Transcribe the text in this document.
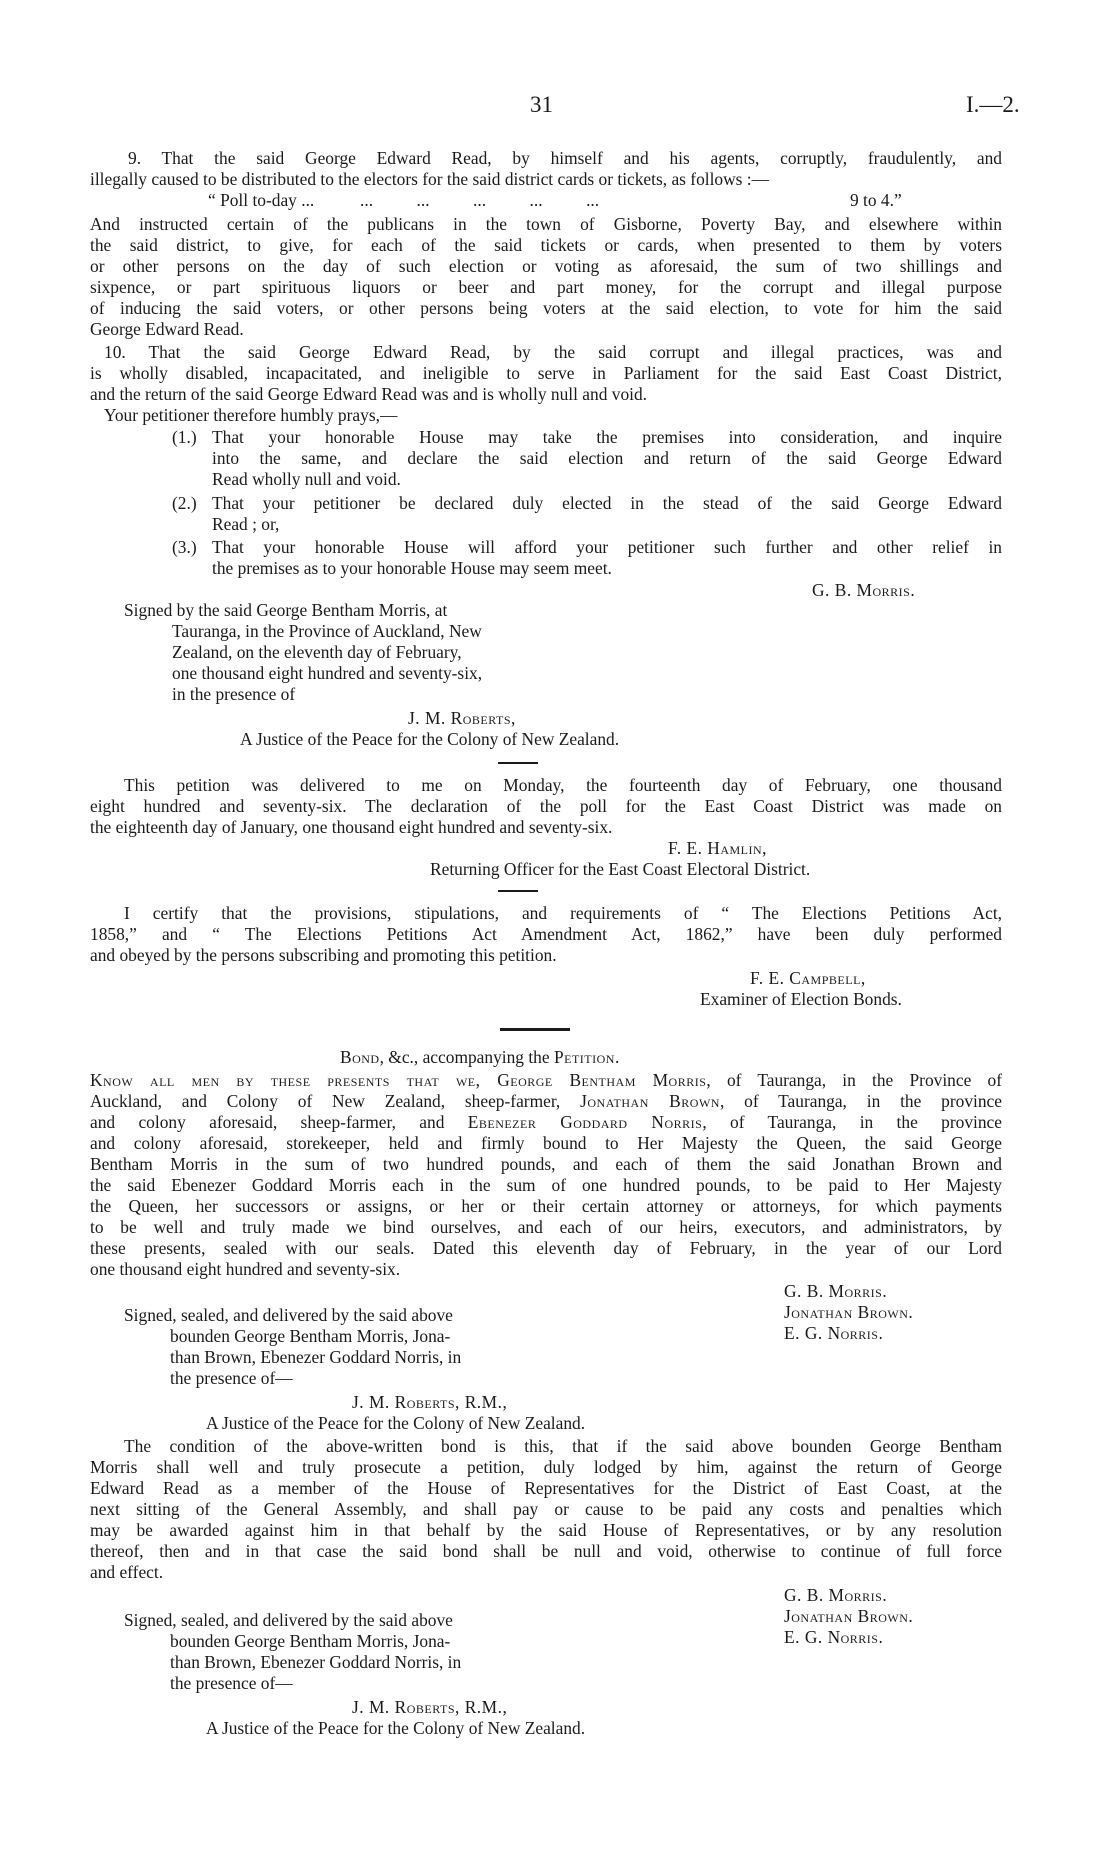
31	I.—2.
9. That the said George Edward Read, by himself and his agents, corruptly, fraudulently, and
illegally caused to be distributed to the electors for the said district cards or tickets, as follows :—
“ Poll to-day ...	...          ...          ...          ...          ...	9 to 4.”
And instructed certain of the publicans in the town of Gisborne, Poverty Bay, and elsewhere within
the said district, to give, for each of the said tickets or cards, when presented to them by voters
or other persons on the day of such election or voting as aforesaid, the sum of two shillings and
sixpence, or part spirituous liquors or beer and part money, for the corrupt and illegal purpose
of inducing the said voters, or other persons being voters at the said election, to vote for him the said
George Edward Read.
10. That the said George Edward Read, by the said corrupt and illegal practices, was and
is wholly disabled, incapacitated, and ineligible to serve in Parliament for the said East Coast District,
and the return of the said George Edward Read was and is wholly null and void.
Your petitioner therefore humbly prays,—
(1.) That your honorable House may take the premises into consideration, and inquire
into the same, and declare the said election and return of the said George Edward
Read wholly null and void.
(2.) That your petitioner be declared duly elected in the stead of the said George Edward
Read ; or,
(3.) That your honorable House will afford your petitioner such further and other relief in
the premises as to your honorable House may seem meet.
G. B. Morris.
Signed by the said George Bentham Morris, at
Tauranga, in the Province of Auckland, New
Zealand, on the eleventh day of February,
one thousand eight hundred and seventy-six,
in the presence of
J. M. Roberts,
A Justice of the Peace for the Colony of New Zealand.
This petition was delivered to me on Monday, the fourteenth day of February, one thousand
eight hundred and seventy-six. The declaration of the poll for the East Coast District was made on
the eighteenth day of January, one thousand eight hundred and seventy-six.
F. E. Hamlin,
Returning Officer for the East Coast Electoral District.
I certify that the provisions, stipulations, and requirements of “ The Elections Petitions Act,
1858,” and “ The Elections Petitions Act Amendment Act, 1862,” have been duly performed
and obeyed by the persons subscribing and promoting this petition.
F. E. Campbell,
Examiner of Election Bonds.
Bond, &c., accompanying the Petition.
Know all men by these presents that we, George Bentham Morris, of Tauranga, in the Province of
Auckland, and Colony of New Zealand, sheep-farmer, Jonathan Brown, of Tauranga, in the province
and colony aforesaid, sheep-farmer, and Ebenezer Goddard Norris, of Tauranga, in the province
and colony aforesaid, storekeeper, held and firmly bound to Her Majesty the Queen, the said George
Bentham Morris in the sum of two hundred pounds, and each of them the said Jonathan Brown and
the said Ebenezer Goddard Morris each in the sum of one hundred pounds, to be paid to Her Majesty
the Queen, her successors or assigns, or her or their certain attorney or attorneys, for which payments
to be well and truly made we bind ourselves, and each of our heirs, executors, and administrators, by
these presents, sealed with our seals. Dated this eleventh day of February, in the year of our Lord
one thousand eight hundred and seventy-six.
G. B. Morris.
Jonathan Brown.
E. G. Norris.
Signed, sealed, and delivered by the said above
bounden George Bentham Morris, Jona-
than Brown, Ebenezer Goddard Norris, in
the presence of—
J. M. Roberts, R.M.,
A Justice of the Peace for the Colony of New Zealand.
The condition of the above-written bond is this, that if the said above bounden George Bentham
Morris shall well and truly prosecute a petition, duly lodged by him, against the return of George
Edward Read as a member of the House of Representatives for the District of East Coast, at the
next sitting of the General Assembly, and shall pay or cause to be paid any costs and penalties which
may be awarded against him in that behalf by the said House of Representatives, or by any resolution
thereof, then and in that case the said bond shall be null and void, otherwise to continue of full force
and effect.
G. B. Morris.
Jonathan Brown.
E. G. Norris.
Signed, sealed, and delivered by the said above
bounden George Bentham Morris, Jona-
than Brown, Ebenezer Goddard Norris, in
the presence of—
J. M. Roberts, R.M.,
A Justice of the Peace for the Colony of New Zealand.
